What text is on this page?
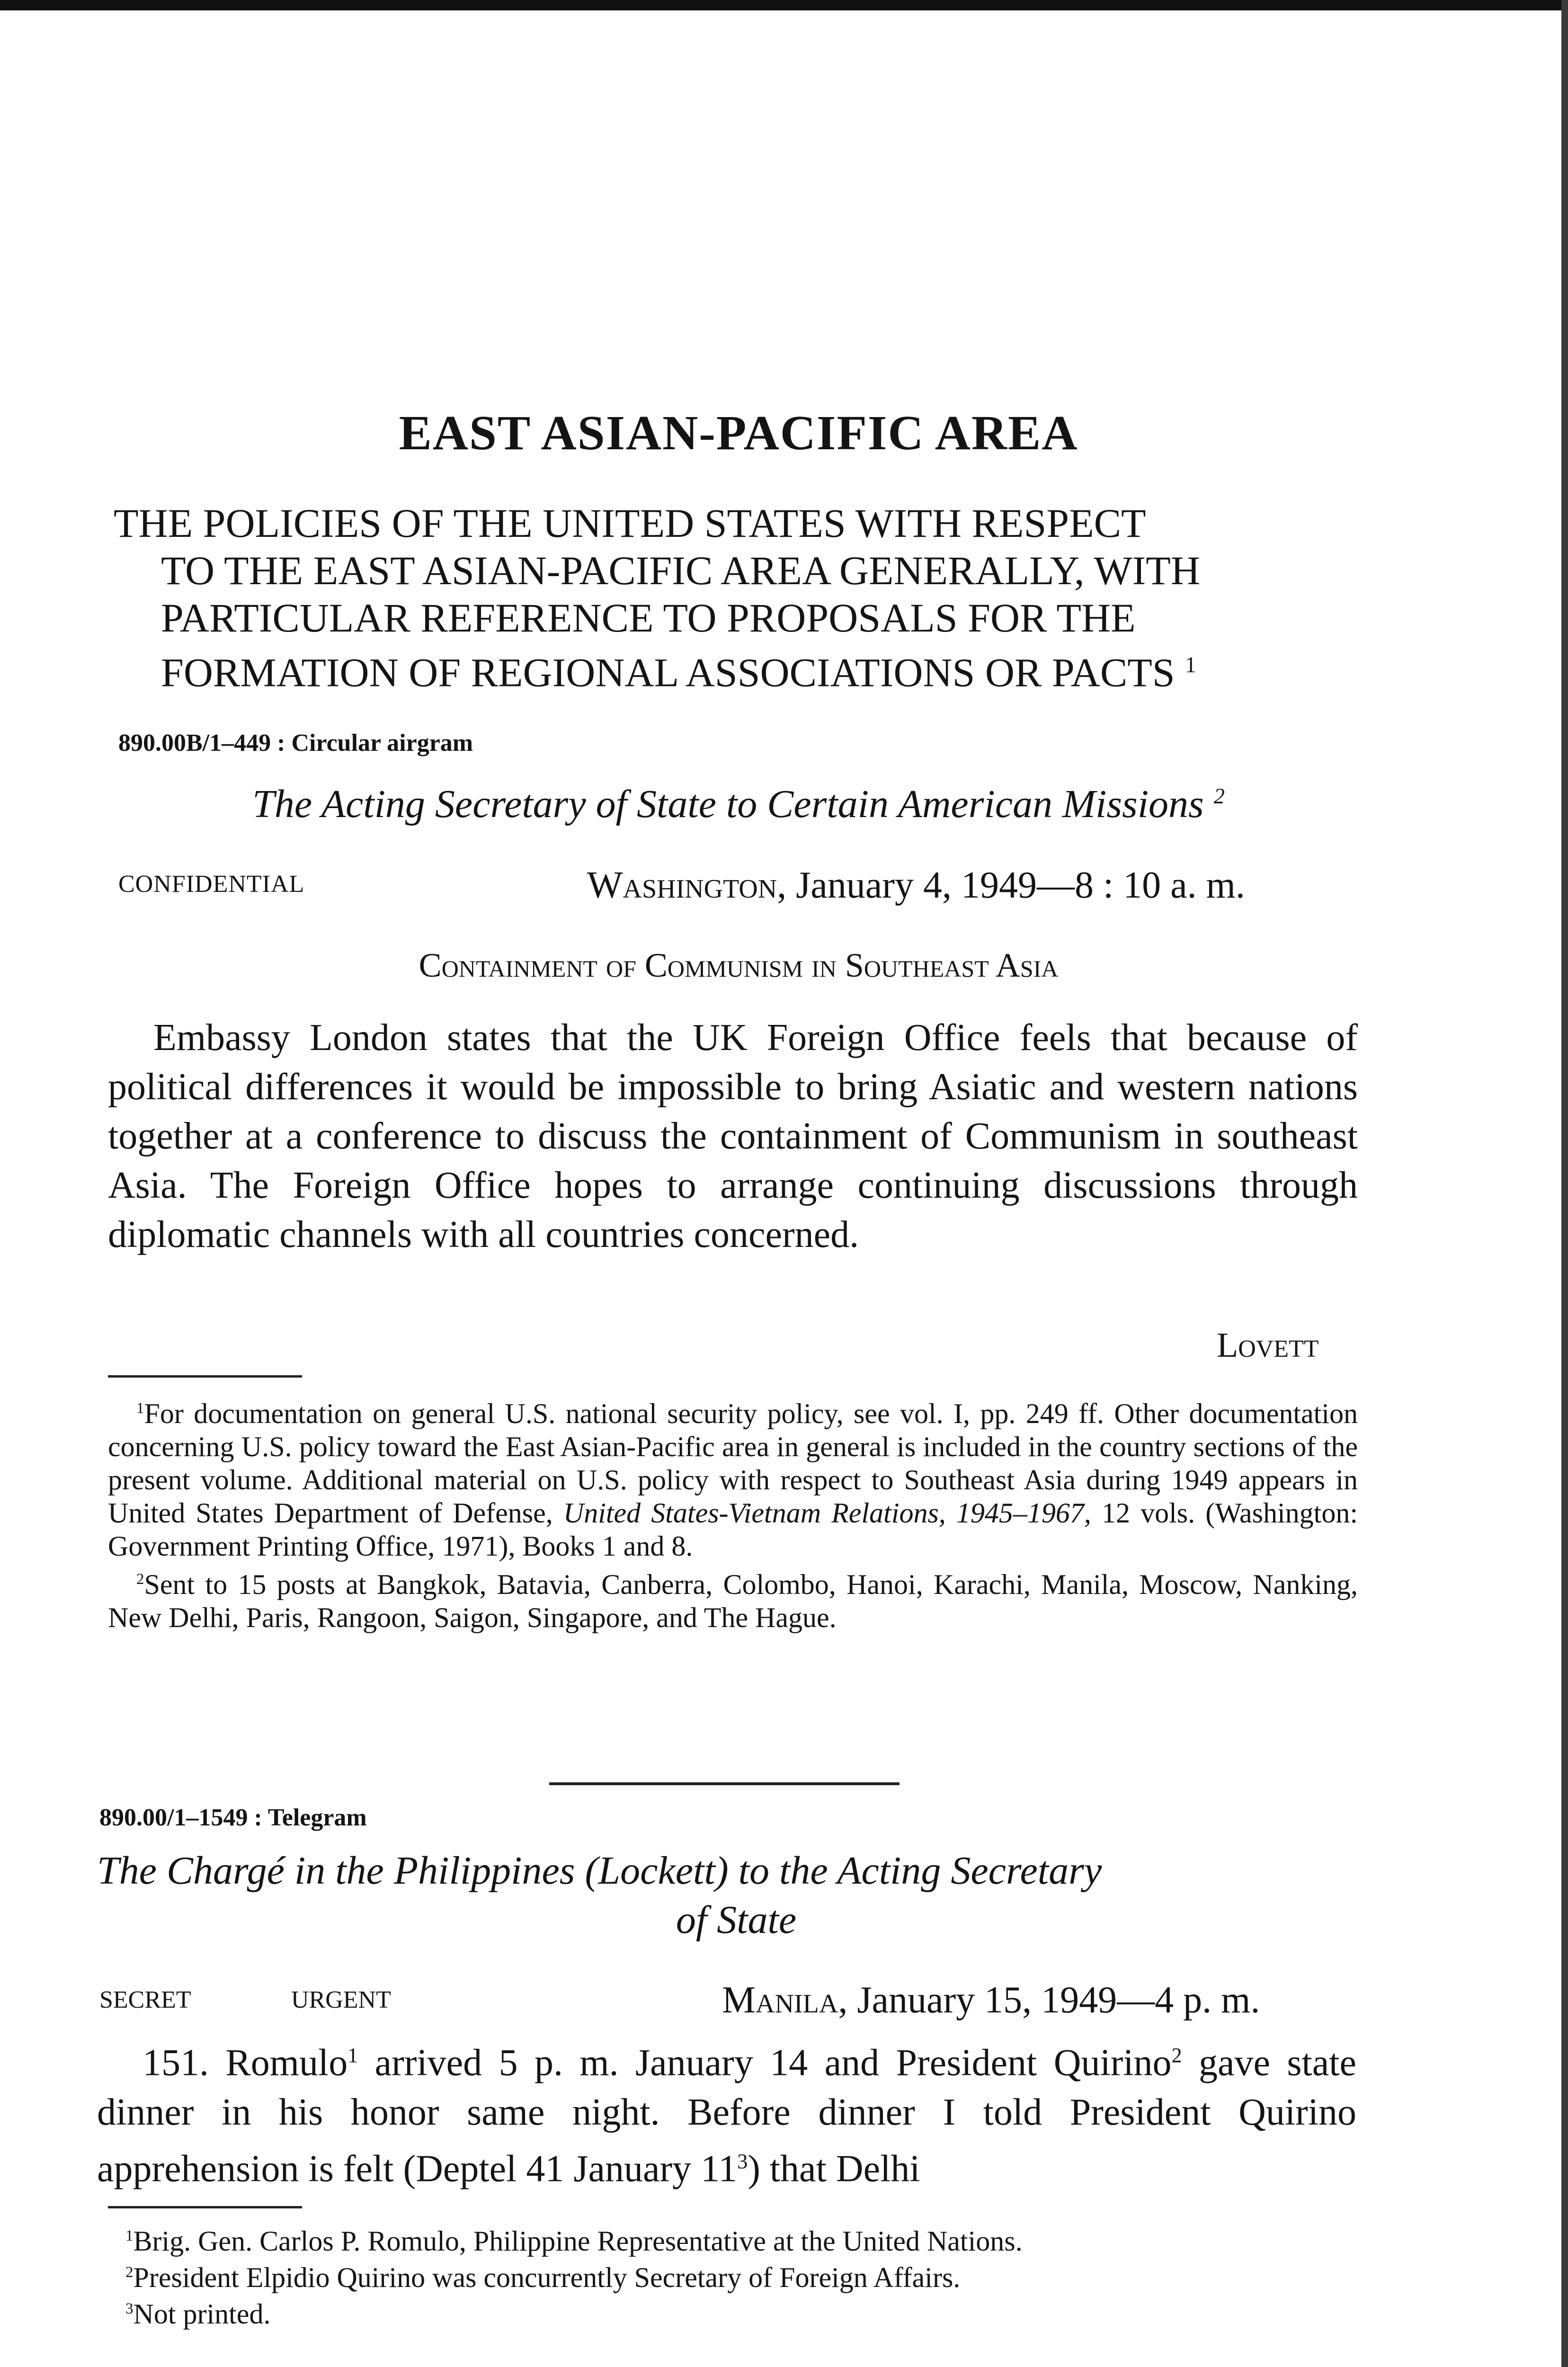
EAST ASIAN-PACIFIC AREA
THE POLICIES OF THE UNITED STATES WITH RESPECT
TO THE EAST ASIAN-PACIFIC AREA GENERALLY, WITH
PARTICULAR REFERENCE TO PROPOSALS FOR THE
FORMATION OF REGIONAL ASSOCIATIONS OR PACTS $^1$
890.00B/1–449 : Circular airgram
The Acting Secretary of State to Certain American Missions $^2$
CONFIDENTIAL	Washington, January 4, 1949—8 : 10 a. m.
Containment of Communism in Southeast Asia

Embassy London states that the UK Foreign Office feels that because of political differences it would be impossible to bring Asiatic and western nations together at a conference to discuss the containment of Communism in southeast Asia. The Foreign Office hopes to arrange continuing discussions through diplomatic channels with all countries concerned.

Lovett

$^1$For documentation on general U.S. national security policy, see vol. I, pp. 249 ff. Other documentation concerning U.S. policy toward the East Asian-Pacific area in general is included in the country sections of the present volume. Additional material on U.S. policy with respect to Southeast Asia during 1949 appears in United States Department of Defense, United States-Vietnam Relations, 1945–1967, 12 vols. (Washington: Government Printing Office, 1971), Books 1 and 8.

$^2$Sent to 15 posts at Bangkok, Batavia, Canberra, Colombo, Hanoi, Karachi, Manila, Moscow, Nanking, New Delhi, Paris, Rangoon, Saigon, Singapore, and The Hague.

890.00/1–1549 : Telegram
The Chargé in the Philippines (Lockett) to the Acting Secretary
of State
SECRET	URGENT	Manila, January 15, 1949—4 p. m.

151. Romulo$^1$ arrived 5 p. m. January 14 and President Quirino$^2$ gave state dinner in his honor same night. Before dinner I told President Quirino apprehension is felt (Deptel 41 January $11^3$) that Delhi

$^1$Brig. Gen. Carlos P. Romulo, Philippine Representative at the United Nations.

$^2$President Elpidio Quirino was concurrently Secretary of Foreign Affairs.

$^3$Not printed.
